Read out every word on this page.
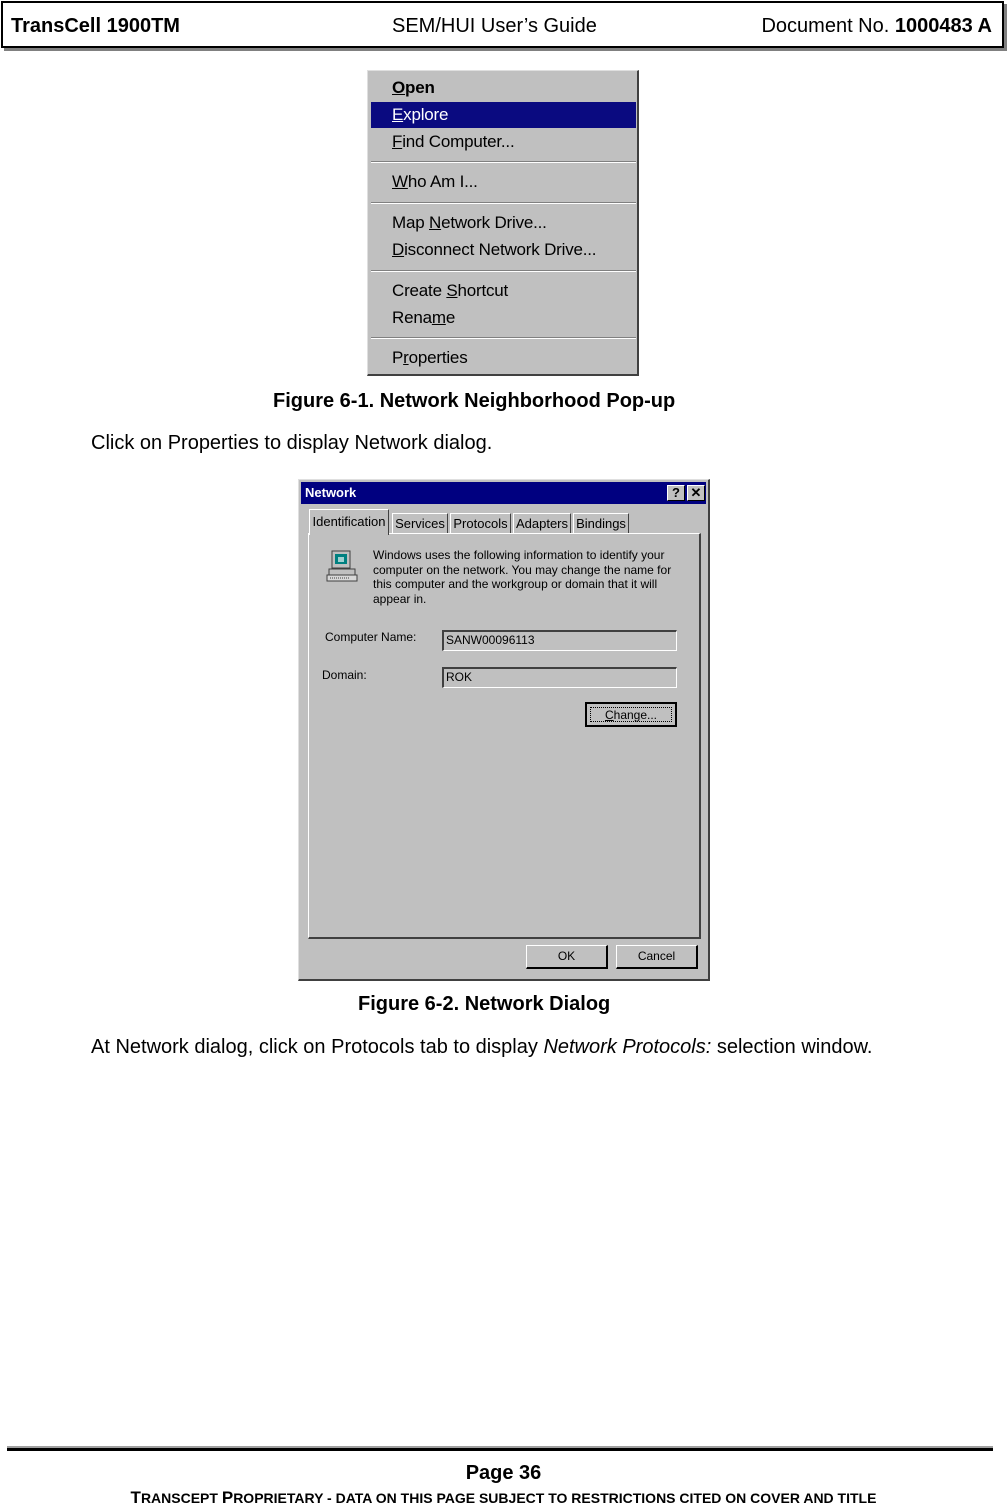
TransCell 1900TM	SEM/HUI User’s Guide	Document No. 1000483 A
Open
Explore
Find Computer...
Who Am I...
Map Network Drive...
Disconnect Network Drive...
Create Shortcut
Rename
Properties
Figure 6-1. Network Neighborhood Pop-up
Click on Properties to display Network dialog.
Network	? ✕
Identification Services Protocols Adapters Bindings
Windows uses the following information to identify your computer on the network. You may change the name for this computer and the workgroup or domain that it will appear in.
Computer Name:	SANW00096113
Domain:	ROK
Change...
OK	Cancel
Figure 6-2. Network Dialog
At Network dialog, click on Protocols tab to display Network Protocols: selection window.
Page 36
TRANSCEPT PROPRIETARY - DATA ON THIS PAGE SUBJECT TO RESTRICTIONS CITED ON COVER AND TITLE
